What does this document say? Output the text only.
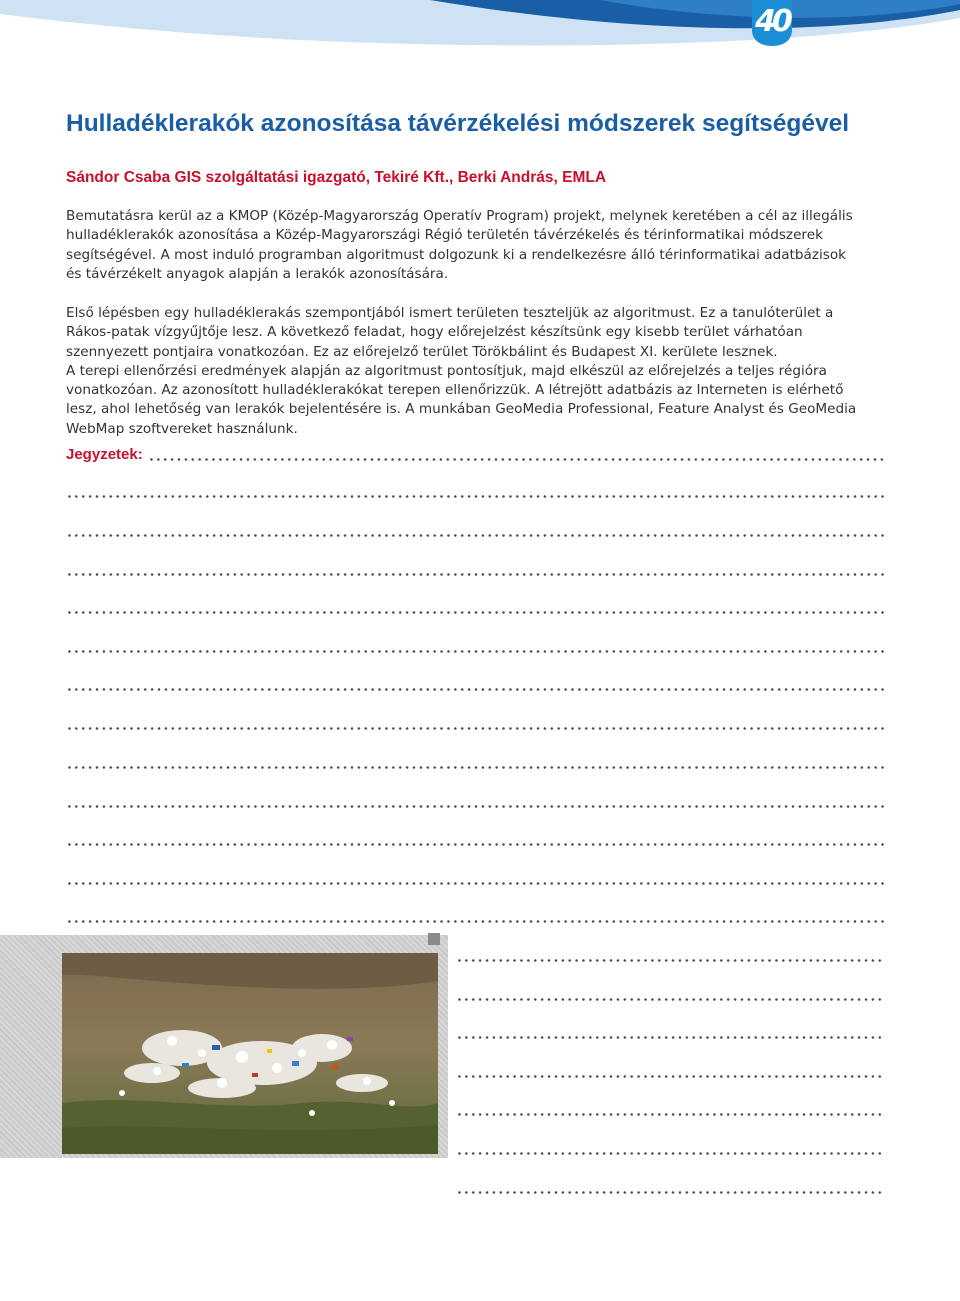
40
Hulladéklerakók azonosítása távérzékelési módszerek segítségével

Sándor Csaba GIS szolgáltatási igazgató, Tekiré Kft., Berki András, EMLA

Bemutatásra kerül az a KMOP (Közép-Magyarország Operatív Program) projekt, melynek keretében a cél az illegális
hulladéklerakók azonosítása a Közép-Magyarországi Régió területén távérzékelés és térinformatikai módszerek
segítségével. A most induló programban algoritmust dolgozunk ki a rendelkezésre álló térinformatikai adatbázisok
és távérzékelt anyagok alapján a lerakók azonosítására.
Első lépésben egy hulladéklerakás szempontjából ismert területen teszteljük az algoritmust. Ez a tanulóterület a
Rákos-patak vízgyűjtője lesz. A következő feladat, hogy előrejelzést készítsünk egy kisebb terület várhatóan
szennyezett pontjaira vonatkozóan. Ez az előrejelző terület Törökbálint és Budapest XI. kerülete lesznek.
A terepi ellenőrzési eredmények alapján az algoritmust pontosítjuk, majd elkészül az előrejelzés a teljes régióra
vonatkozóan. Az azonosított hulladéklerakókat terepen ellenőrizzük. A létrejött adatbázis az Interneten is elérhető
lesz, ahol lehetőség van lerakók bejelentésére is. A munkában GeoMedia Professional, Feature Analyst és GeoMedia
WebMap szoftvereket használunk.
Jegyzetek:
